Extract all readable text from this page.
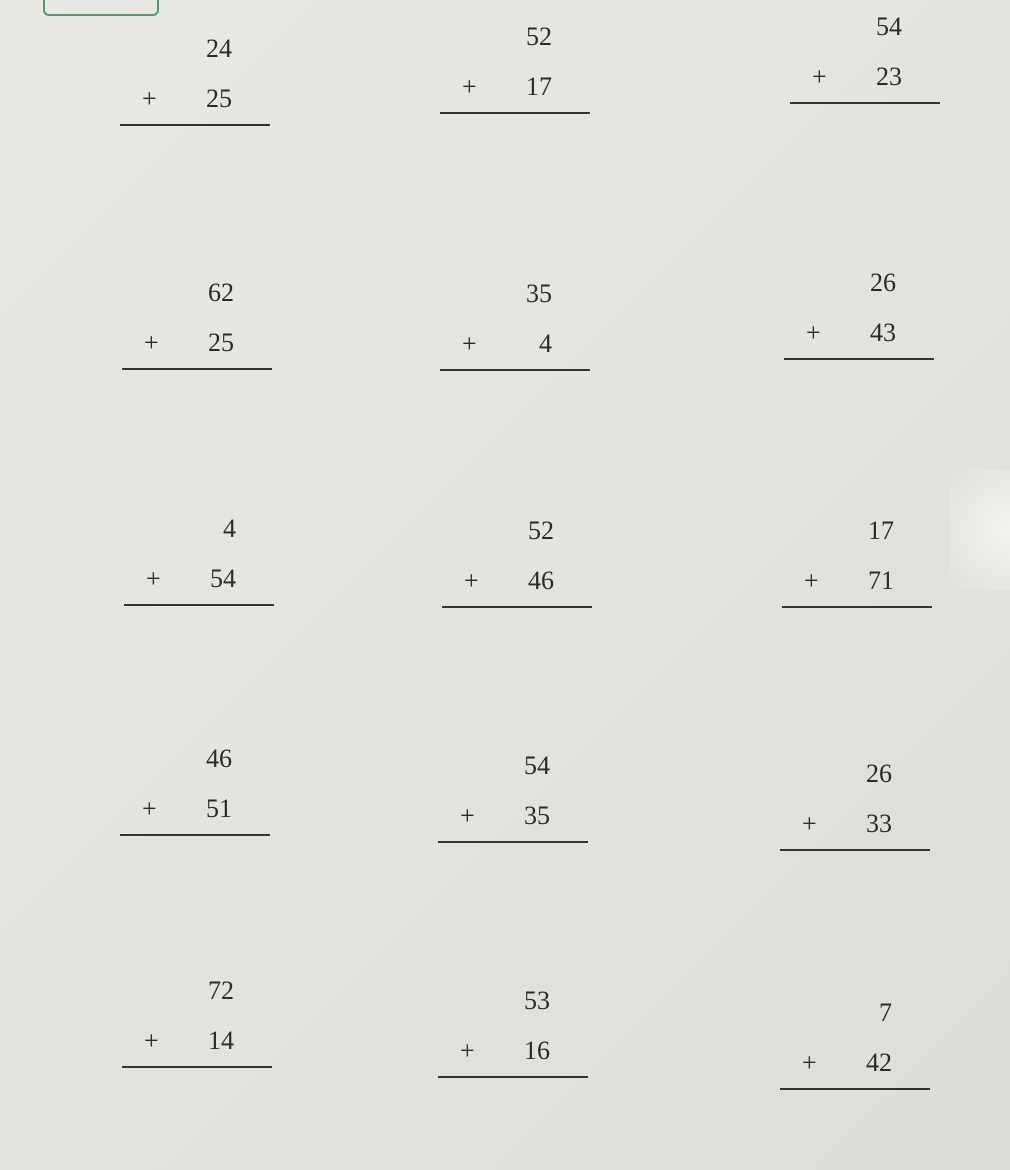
24
+ 25
52
+ 17
54
+ 23
62
+ 25
35
+ 4
26
+ 43
4
+ 54
52
+ 46
17
+ 71
46
+ 51
54
+ 35
26
+ 33
72
+ 14
53
+ 16
7
+ 42
